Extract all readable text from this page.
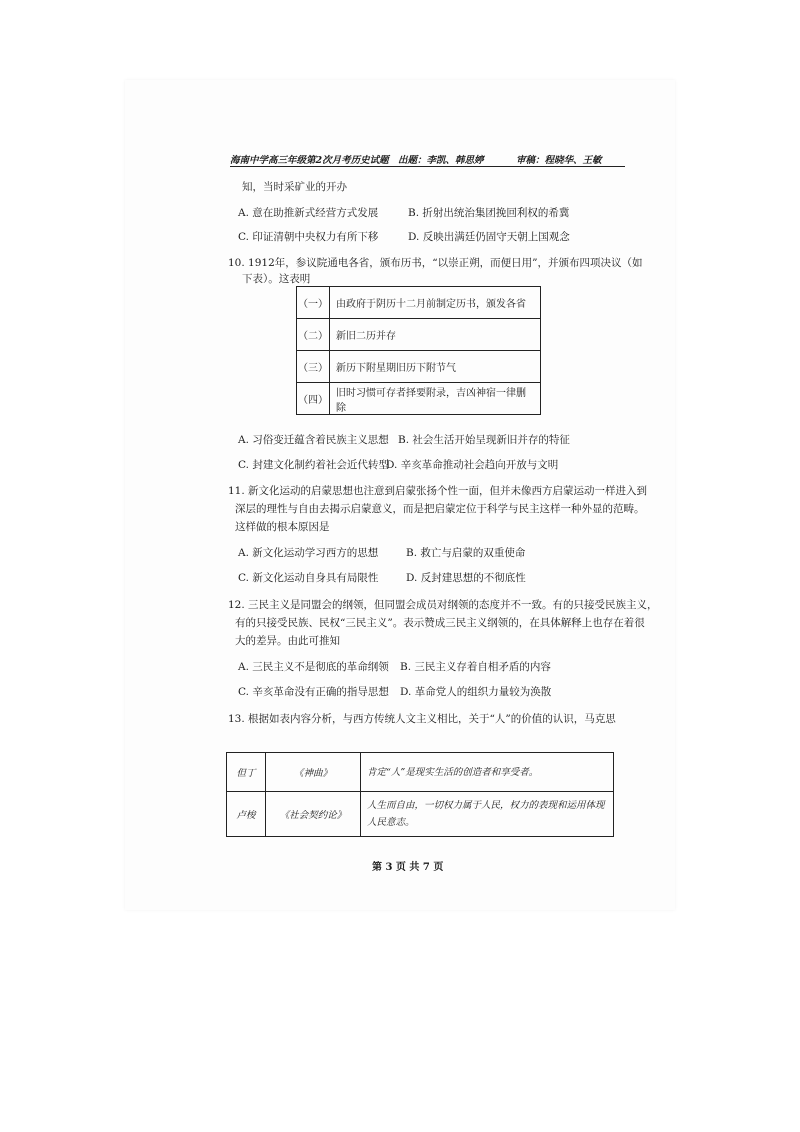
海南中学高三年级第2次月考历史试题 出题：李凯、韩思婷	审稿：程晓华、王敏
知，当时采矿业的开办
A. 意在助推新式经营方式发展	B. 折射出统治集团挽回利权的希冀
C. 印证清朝中央权力有所下移	D. 反映出满廷仍固守天朝上国观念
10. 1912年，参议院通电各省，颁布历书，“以崇正朔，而便日用”，并颁布四项决议（如
下表）。这表明
（一）	由政府于阴历十二月前制定历书，颁发各省
（二）	新旧二历并存
（三）	新历下附星期旧历下附节气
（四）	旧时习惯可存者择要附录，吉凶神宿一律删除
A. 习俗变迁蕴含着民族主义思想 B. 社会生活开始呈现新旧并存的特征
C. 封建文化制约着社会近代转型
D. 辛亥革命推动社会趋向开放与文明
11. 新文化运动的启蒙思想也注意到启蒙张扬个性一面，但并未像西方启蒙运动一样进入到
深层的理性与自由去揭示启蒙意义，而是把启蒙定位于科学与民主这样一种外显的范畴。
这样做的根本原因是
A. 新文化运动学习西方的思想	B. 救亡与启蒙的双重使命
C. 新文化运动自身具有局限性	D. 反封建思想的不彻底性
12. 三民主义是同盟会的纲领，但同盟会成员对纲领的态度并不一致。有的只接受民族主义，
有的只接受民族、民权“三民主义”。表示赞成三民主义纲领的，在具体解释上也存在着很
大的差异。由此可推知
A. 三民主义不是彻底的革命纲领 B. 三民主义存着自相矛盾的内容
C. 辛亥革命没有正确的指导思想 D. 革命党人的组织力量较为涣散
13. 根据如表内容分析，与西方传统人文主义相比，关于“人”的价值的认识，马克思
但丁	《神曲》	肯定“人”是现实生活的创造者和享受者。
卢梭	《社会契约论》	人生而自由，一切权力属于人民，权力的表现和运用体现人民意志。
第 3 页 共 7 页
